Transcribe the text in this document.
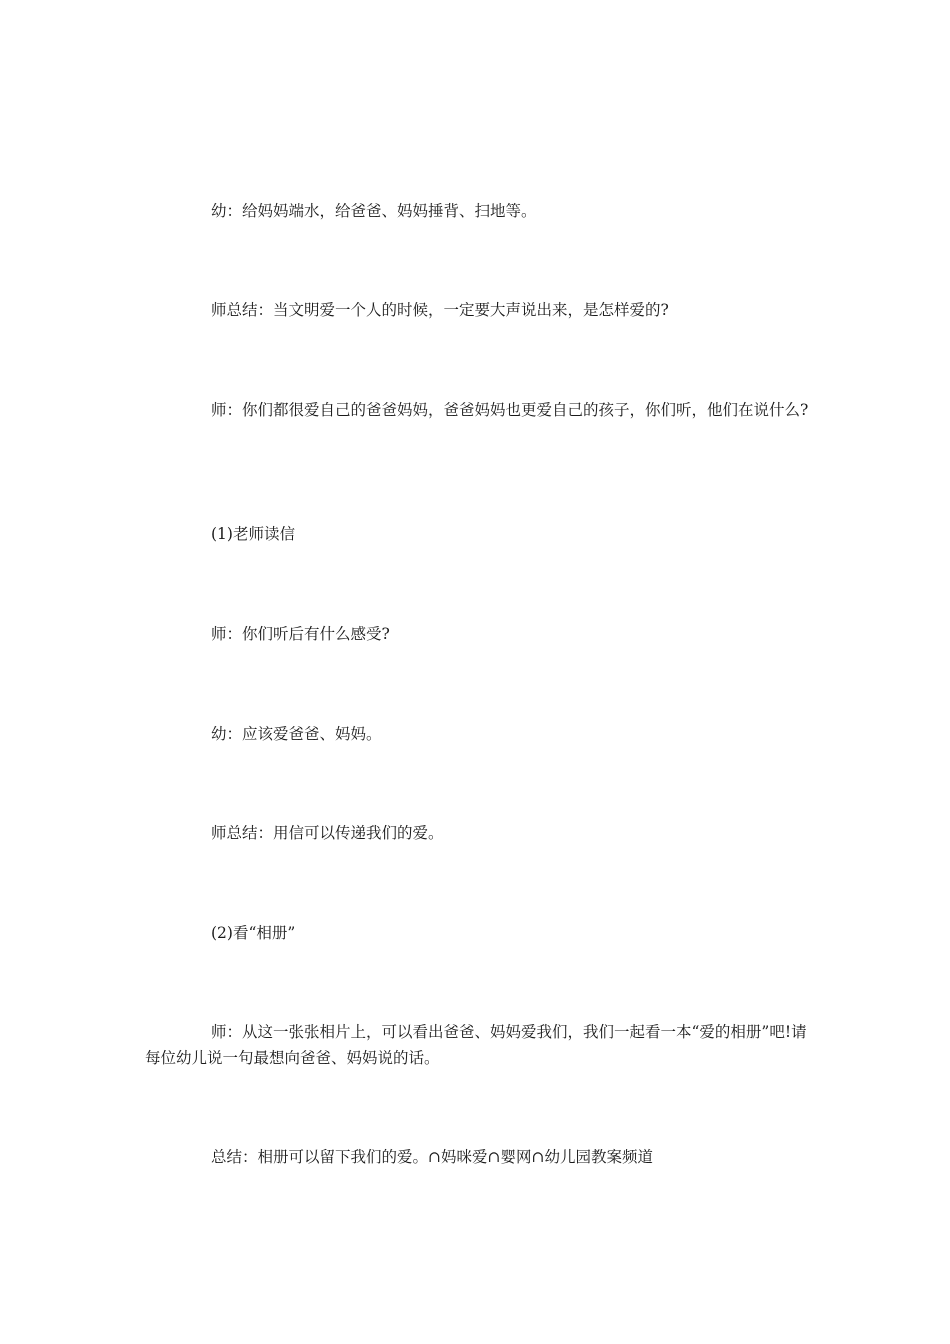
幼：给妈妈端水，给爸爸、妈妈捶背、扫地等。

师总结：当文明爱一个人的时候，一定要大声说出来，是怎样爱的?

师：你们都很爱自己的爸爸妈妈，爸爸妈妈也更爱自己的孩子，你们听，他们在说什么?

(1)老师读信

师：你们听后有什么感受?

幼：应该爱爸爸、妈妈。

师总结：用信可以传递我们的爱。

(2)看“相册”

师：从这一张张相片上，可以看出爸爸、妈妈爱我们，我们一起看一本“爱的相册”吧!请每位幼儿说一句最想向爸爸、妈妈说的话。

总结：相册可以留下我们的爱。∩妈咪爱∩婴网∩幼儿园教案频道
